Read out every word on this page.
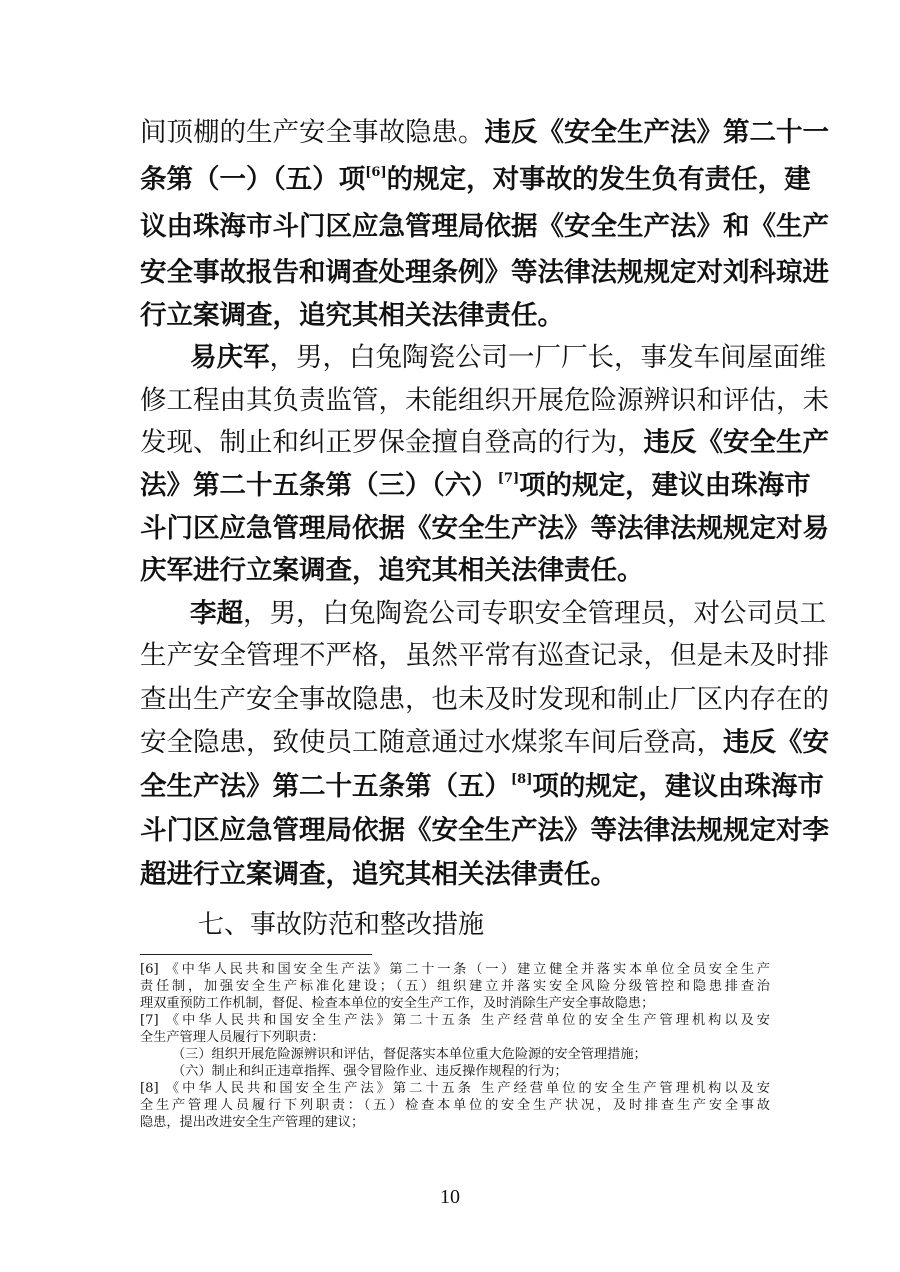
间顶棚的生产安全事故隐患。违反《安全生产法》第二十一
条第（一）（五）项[6]的规定，对事故的发生负有责任，建
议由珠海市斗门区应急管理局依据《安全生产法》和《生产
安全事故报告和调查处理条例》等法律法规规定对刘科琼进
行立案调查，追究其相关法律责任。
易庆军，男，白兔陶瓷公司一厂厂长，事发车间屋面维
修工程由其负责监管，未能组织开展危险源辨识和评估，未
发现、制止和纠正罗保金擅自登高的行为，违反《安全生产
法》第二十五条第（三）（六）[7]项的规定，建议由珠海市
斗门区应急管理局依据《安全生产法》等法律法规规定对易
庆军进行立案调查，追究其相关法律责任。
李超，男，白兔陶瓷公司专职安全管理员，对公司员工
生产安全管理不严格，虽然平常有巡查记录，但是未及时排
查出生产安全事故隐患，也未及时发现和制止厂区内存在的
安全隐患，致使员工随意通过水煤浆车间后登高，违反《安
全生产法》第二十五条第（五）[8]项的规定，建议由珠海市
斗门区应急管理局依据《安全生产法》等法律法规规定对李
超进行立案调查，追究其相关法律责任。
七、事故防范和整改措施
[6] 《中华人民共和国安全生产法》第二十一条（一）建立健全并落实本单位全员安全生产
责任制，加强安全生产标准化建设；（五）组织建立并落实安全风险分级管控和隐患排查治
理双重预防工作机制，督促、检查本单位的安全生产工作，及时消除生产安全事故隐患；
[7] 《中华人民共和国安全生产法》第二十五条 生产经营单位的安全生产管理机构以及安
全生产管理人员履行下列职责：
（三）组织开展危险源辨识和评估，督促落实本单位重大危险源的安全管理措施；
（六）制止和纠正违章指挥、强令冒险作业、违反操作规程的行为；
[8] 《中华人民共和国安全生产法》第二十五条 生产经营单位的安全生产管理机构以及安
全生产管理人员履行下列职责：（五）检查本单位的安全生产状况，及时排查生产安全事故
隐患，提出改进安全生产管理的建议；
10
